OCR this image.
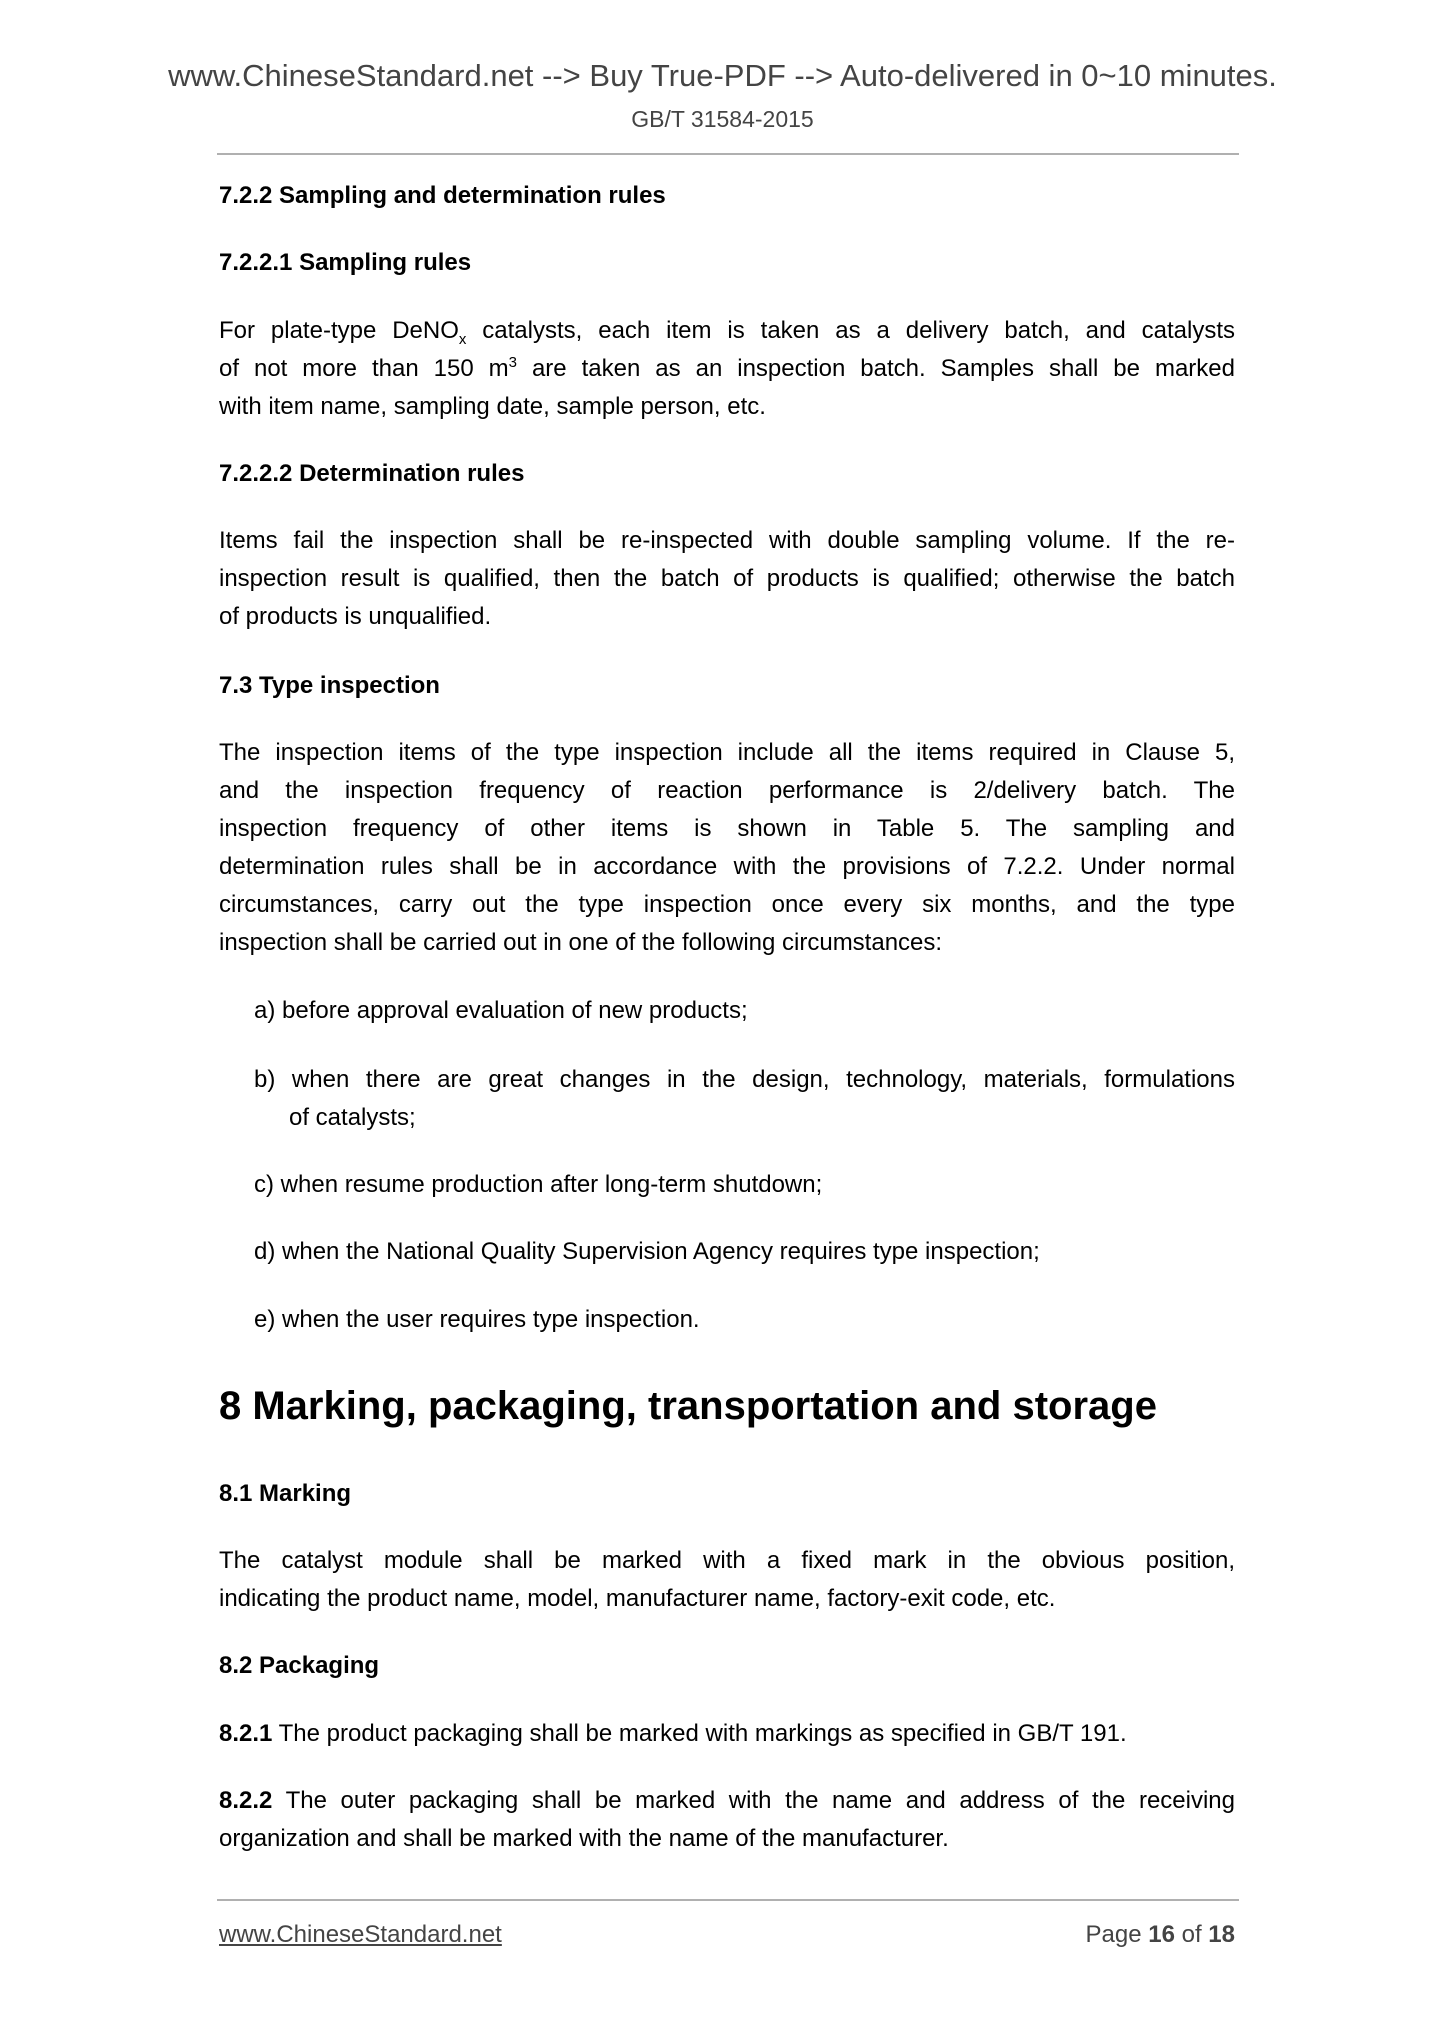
www.ChineseStandard.net --> Buy True-PDF --> Auto-delivered in 0~10 minutes.
GB/T 31584-2015
7.2.2 Sampling and determination rules
7.2.2.1 Sampling rules
For plate-type DeNO$_x$ catalysts, each item is taken as a delivery batch, and catalysts
of not more than 150 $m^3$ are taken as an inspection batch. Samples shall be marked
with item name, sampling date, sample person, etc.
7.2.2.2 Determination rules
Items fail the inspection shall be re-inspected with double sampling volume. If the re-
inspection result is qualified, then the batch of products is qualified; otherwise the batch
of products is unqualified.
7.3 Type inspection
The inspection items of the type inspection include all the items required in Clause 5,
and the inspection frequency of reaction performance is 2/delivery batch. The
inspection frequency of other items is shown in Table 5. The sampling and
determination rules shall be in accordance with the provisions of 7.2.2. Under normal
circumstances, carry out the type inspection once every six months, and the type
inspection shall be carried out in one of the following circumstances:
a) before approval evaluation of new products;
b) when there are great changes in the design, technology, materials, formulations
of catalysts;
c) when resume production after long-term shutdown;
d) when the National Quality Supervision Agency requires type inspection;
e) when the user requires type inspection.
8 Marking, packaging, transportation and storage
8.1 Marking
The catalyst module shall be marked with a fixed mark in the obvious position,
indicating the product name, model, manufacturer name, factory-exit code, etc.
8.2 Packaging
8.2.1 The product packaging shall be marked with markings as specified in GB/T 191.
8.2.2 The outer packaging shall be marked with the name and address of the receiving
organization and shall be marked with the name of the manufacturer.
www.ChineseStandard.net	Page 16 of 18
